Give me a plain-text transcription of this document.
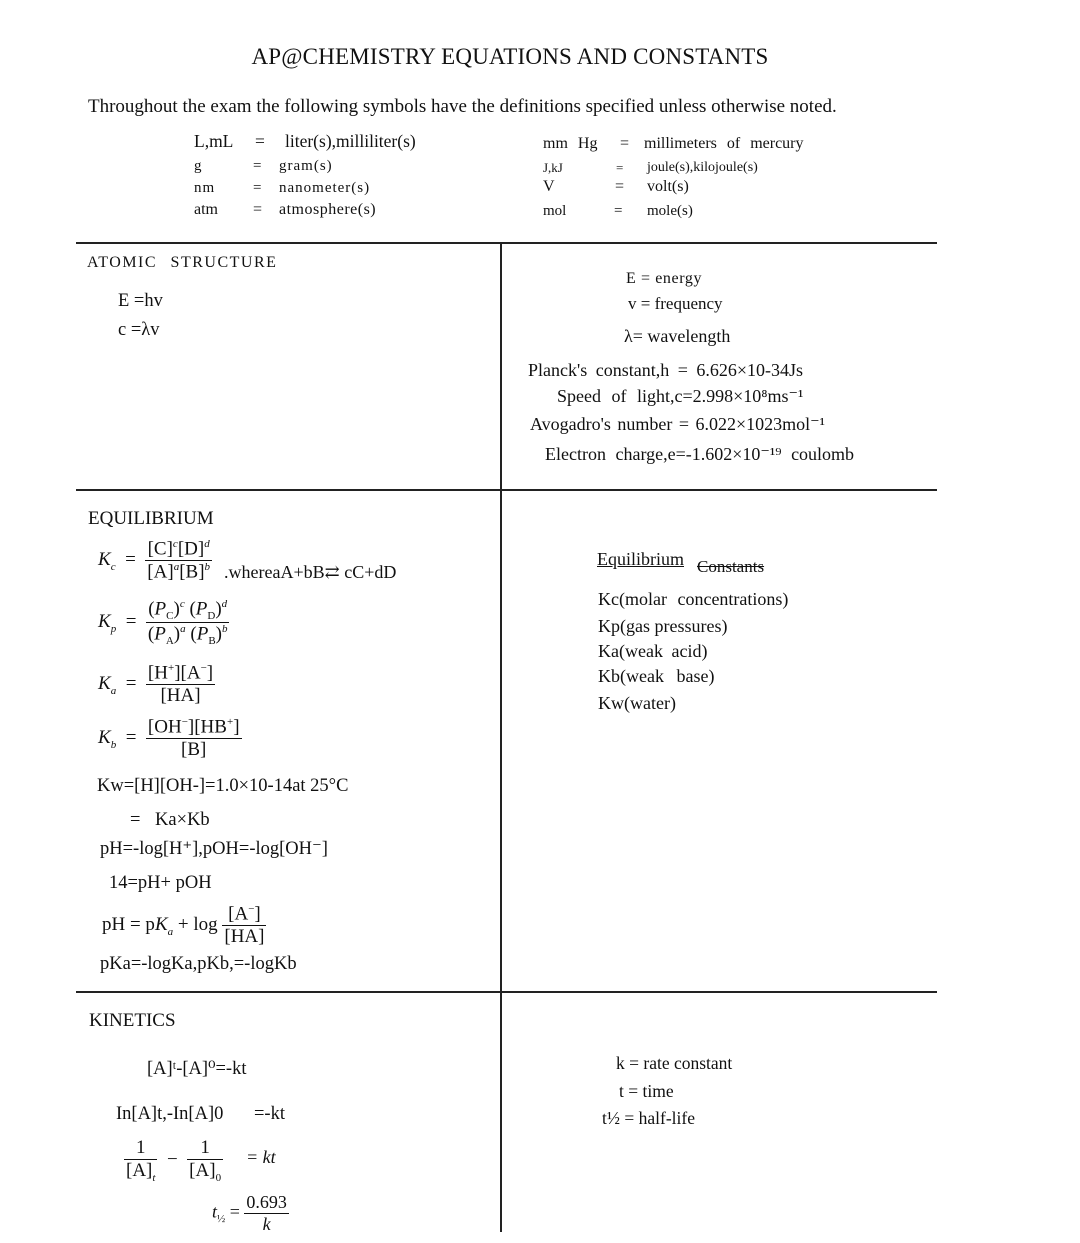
AP@CHEMISTRY EQUATIONS AND CONSTANTS
Throughout the exam the following symbols have the definitions specified unless otherwise noted.
L,mL = liter(s),milliliter(s)
g	= gram(s)
nm	= nanometer(s)
atm = atmosphere(s)
mm Hg = millimeters of mercury
J,kJ	= joule(s),kilojoule(s)
V	= volt(s)
mol	= mole(s)
ATOMIC STRUCTURE
E =hv
c =λv
E = energy
v = frequency
λ= wavelength
Planck's constant,h = 6.626×10-34Js
Speed of light,c=2.998×10⁸ms⁻¹
Avogadro's number = 6.022×1023mol⁻¹
Electron charge,e=-1.602×10⁻¹⁹ coulomb
EQUILIBRIUM
$K_c = \frac{[C]^c[D]^d}{[A]^a[B]^b}$ .whereaA+bB⇄ cC+dD
$K_p = \frac{(P_C)^c (P_D)^d}{(P_A)^a (P_B)^b}$
$K_a = \frac{[H^+][A^-]}{[HA]}$
$K_b = \frac{[OH^-][HB^+]}{[B]}$
Kw=[H][OH-]=1.0×10-14at 25°C
= Ka×Kb
pH=-log[H⁺],pOH=-log[OH⁻]
14=pH+ pOH
pH = $pK_a + \log \frac{[A^-]}{[HA]}$
pKa=-logKa,pKb,=-logKb
Equilibrium Constants
Kc(molar concentrations)
Kp(gas pressures)
Ka(weak acid)
Kb(weak base)
Kw(water)
KINETICS
[A]ᵗ-[A]⁰=-kt
In[A]t,-In[A]0 =-kt
$\frac{1}{[A]_t} - \frac{1}{[A]_0}$ = kt
$t_{\frac{1}{2}} = \frac{0.693}{k}$
k = rate constant
t = time
t½ = half-life
